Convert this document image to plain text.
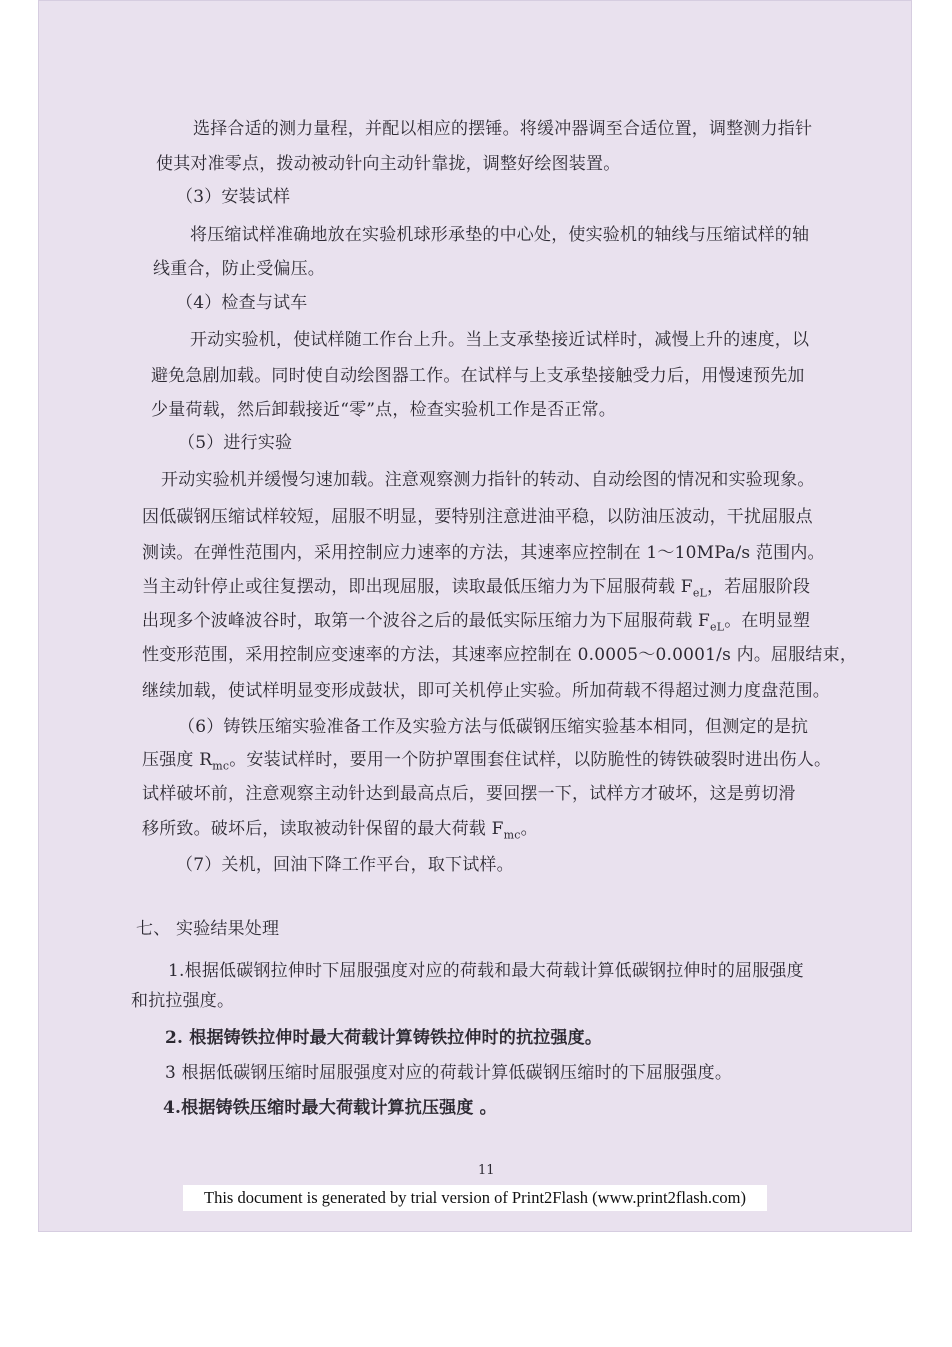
选择合适的测力量程，并配以相应的摆锤。将缓冲器调至合适位置，调整测力指针
使其对准零点，拨动被动针向主动针靠拢，调整好绘图装置。
（3）安装试样
将压缩试样准确地放在实验机球形承垫的中心处，使实验机的轴线与压缩试样的轴
线重合，防止受偏压。
（4）检查与试车
开动实验机，使试样随工作台上升。当上支承垫接近试样时，减慢上升的速度，以
避免急剧加载。同时使自动绘图器工作。在试样与上支承垫接触受力后，用慢速预先加
少量荷载，然后卸载接近“零”点，检查实验机工作是否正常。
（5）进行实验
开动实验机并缓慢匀速加载。注意观察测力指针的转动、自动绘图的情况和实验现象。
因低碳钢压缩试样较短，屈服不明显，要特别注意进油平稳，以防油压波动，干扰屈服点
测读。在弹性范围内，采用控制应力速率的方法，其速率应控制在 1～10MPa/s 范围内。
当主动针停止或往复摆动，即出现屈服，读取最低压缩力为下屈服荷载 $F_{eL}$，若屈服阶段
出现多个波峰波谷时，取第一个波谷之后的最低实际压缩力为下屈服荷载 $F_{eL}$。在明显塑
性变形范围，采用控制应变速率的方法，其速率应控制在 0.0005～0.0001/s 内。屈服结束，
继续加载，使试样明显变形成鼓状，即可关机停止实验。所加荷载不得超过测力度盘范围。
（6）铸铁压缩实验准备工作及实验方法与低碳钢压缩实验基本相同，但测定的是抗
压强度 $R_{mc}$。安装试样时，要用一个防护罩围套住试样，以防脆性的铸铁破裂时进出伤人。
试样破坏前，注意观察主动针达到最高点后，要回摆一下，试样方才破坏，这是剪切滑
移所致。破坏后，读取被动针保留的最大荷载 $F_{mc}$。
（7）关机，回油下降工作平台，取下试样。
七、 实验结果处理
1.根据低碳钢拉伸时下屈服强度对应的荷载和最大荷载计算低碳钢拉伸时的屈服强度
和抗拉强度。
2. 根据铸铁拉伸时最大荷载计算铸铁拉伸时的抗拉强度。
3 根据低碳钢压缩时屈服强度对应的荷载计算低碳钢压缩时的下屈服强度。
4.根据铸铁压缩时最大荷载计算抗压强度 。
11
This document is generated by trial version of Print2Flash (www.print2flash.com)
